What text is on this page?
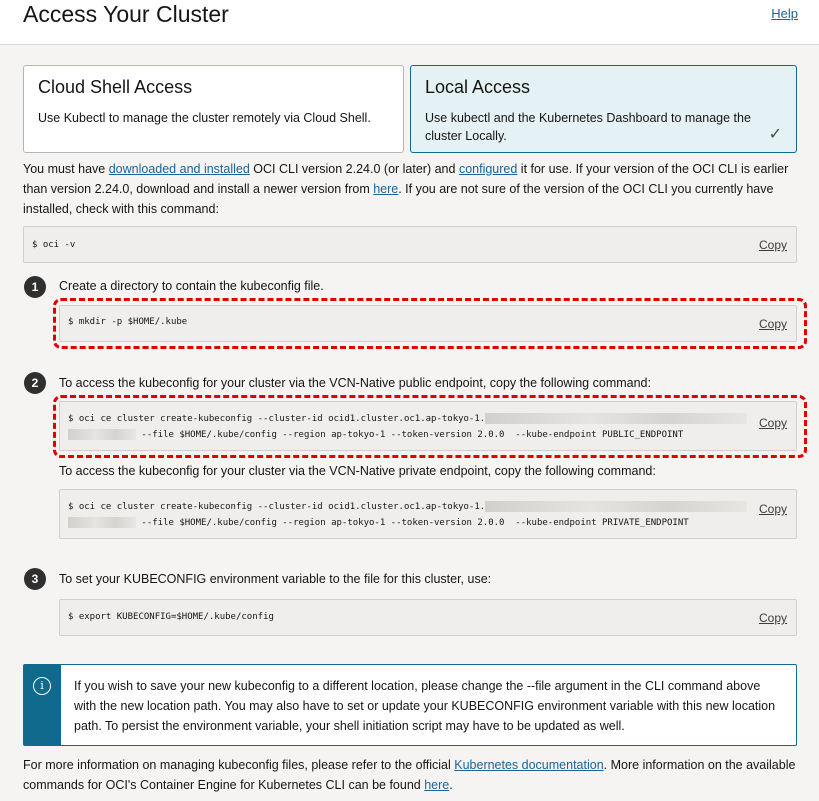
Access Your Cluster	Help
Cloud Shell Access
Use Kubectl to manage the cluster remotely via Cloud Shell.
Local Access
Use kubectl and the Kubernetes Dashboard to manage the cluster Locally.	✓
You must have downloaded and installed OCI CLI version 2.24.0 (or later) and configured it for use. If your version of the OCI CLI is earlier than version 2.24.0, download and install a newer version from here. If you are not sure of the version of the OCI CLI you currently have installed, check with this command:
$ oci -v	Copy
1	Create a directory to contain the kubeconfig file.
$ mkdir -p $HOME/.kube	Copy
2	To access the kubeconfig for your cluster via the VCN-Native public endpoint, copy the following command:
$ oci ce cluster create-kubeconfig --cluster-id ocid1.cluster.oc1.ap-tokyo-1.
--file $HOME/.kube/config --region ap-tokyo-1 --token-version 2.0.0  --kube-endpoint PUBLIC_ENDPOINT
Copy
To access the kubeconfig for your cluster via the VCN-Native private endpoint, copy the following command:
$ oci ce cluster create-kubeconfig --cluster-id ocid1.cluster.oc1.ap-tokyo-1.
--file $HOME/.kube/config --region ap-tokyo-1 --token-version 2.0.0  --kube-endpoint PRIVATE_ENDPOINT
Copy
3	To set your KUBECONFIG environment variable to the file for this cluster, use:
$ export KUBECONFIG=$HOME/.kube/config	Copy
i	If you wish to save your new kubeconfig to a different location, please change the --file argument in the CLI command above with the new location path. You may also have to set or update your KUBECONFIG environment variable with this new location path. To persist the environment variable, your shell initiation script may have to be updated as well.
For more information on managing kubeconfig files, please refer to the official Kubernetes documentation. More information on the available commands for OCI's Container Engine for Kubernetes CLI can be found here.
